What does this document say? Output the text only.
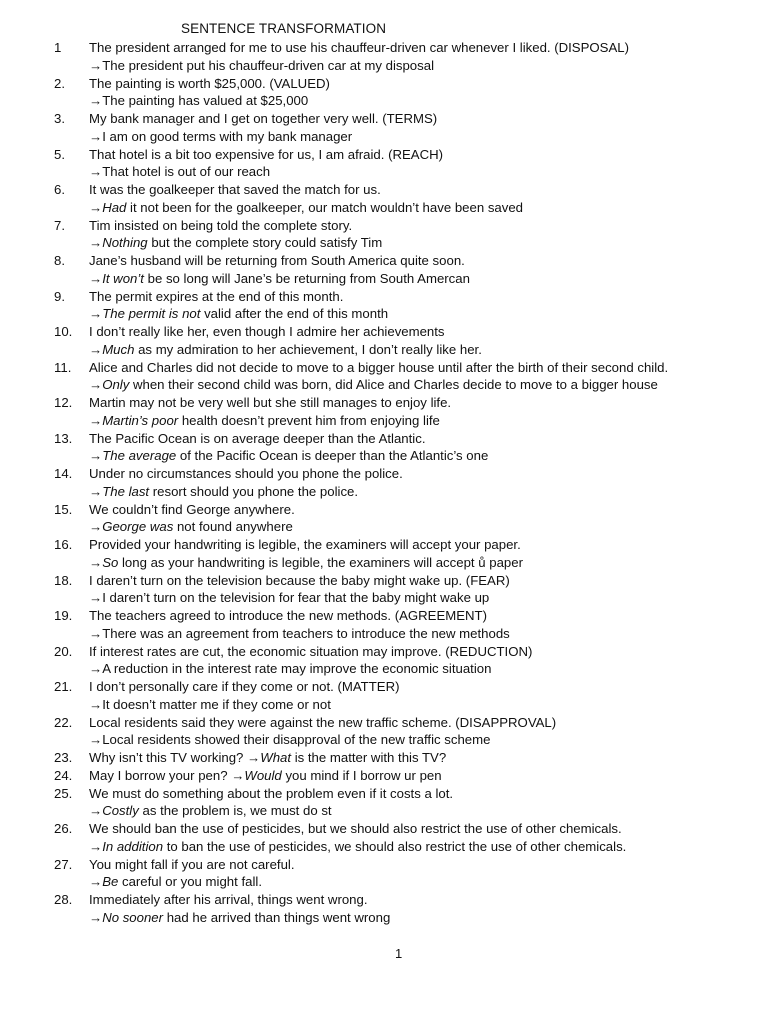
SENTENCE TRANSFORMATION
1 The president arranged for me to use his chauffeur-driven car whenever I liked. (DISPOSAL)
→The president put his chauffeur-driven car at my disposal
2. The painting is worth $25,000. (VALUED)
→The painting has valued at $25,000
3. My bank manager and I get on together very well. (TERMS)
→I am on good terms with my bank manager
5. That hotel is a bit too expensive for us, I am afraid. (REACH)
→That hotel is out of our reach
6. It was the goalkeeper that saved the match for us.
→Had it not been for the goalkeeper, our match wouldn’t have been saved
7. Tim insisted on being told the complete story.
→Nothing but the complete story could satisfy Tim
8. Jane’s husband will be returning from South America quite soon.
→It won’t be so long will Jane’s be returning from South Amercan
9. The permit expires at the end of this month.
→The permit is not valid after the end of this month
10. I don’t really like her, even though I admire her achievements
→Much as my admiration to her achievement, I don’t really like her.
11. Alice and Charles did not decide to move to a bigger house until after the birth of their second child.
→Only when their second child was born, did Alice and Charles decide to move to a bigger house
12. Martin may not be very well but she still manages to enjoy life.
→Martin’s poor health doesn’t prevent him from enjoying life
13. The Pacific Ocean is on average deeper than the Atlantic.
→The average of the Pacific Ocean is deeper than the Atlantic’s one
14. Under no circumstances should you phone the police.
→The last resort should you phone the police.
15. We couldn’t find George anywhere.
→George was not found anywhere
16. Provided your handwriting is legible, the examiners will accept your paper.
→So long as your handwriting is legible, the examiners will accept ů paper
18. I daren’t turn on the television because the baby might wake up. (FEAR)
→I daren’t turn on the television for fear that the baby might wake up
19. The teachers agreed to introduce the new methods. (AGREEMENT)
→There was an agreement from teachers to introduce the new methods
20. If interest rates are cut, the economic situation may improve. (REDUCTION)
→A reduction in the interest rate may improve the economic situation
21. I don’t personally care if they come or not. (MATTER)
→It doesn’t matter me if they come or not
22. Local residents said they were against the new traffic scheme. (DISAPPROVAL)
→Local residents showed their disapproval of the new traffic scheme
23. Why isn’t this TV working? →What is the matter with this TV?
24. May I borrow your pen? →Would you mind if I borrow ur pen
25. We must do something about the problem even if it costs a lot.
→Costly as the problem is, we must do st
26. We should ban the use of pesticides, but we should also restrict the use of other chemicals.
→In addition to ban the use of pesticides, we should also restrict the use of other chemicals.
27. You might fall if you are not careful.
→Be careful or you might fall.
28. Immediately after his arrival, things went wrong.
→No sooner had he arrived than things went wrong
1
